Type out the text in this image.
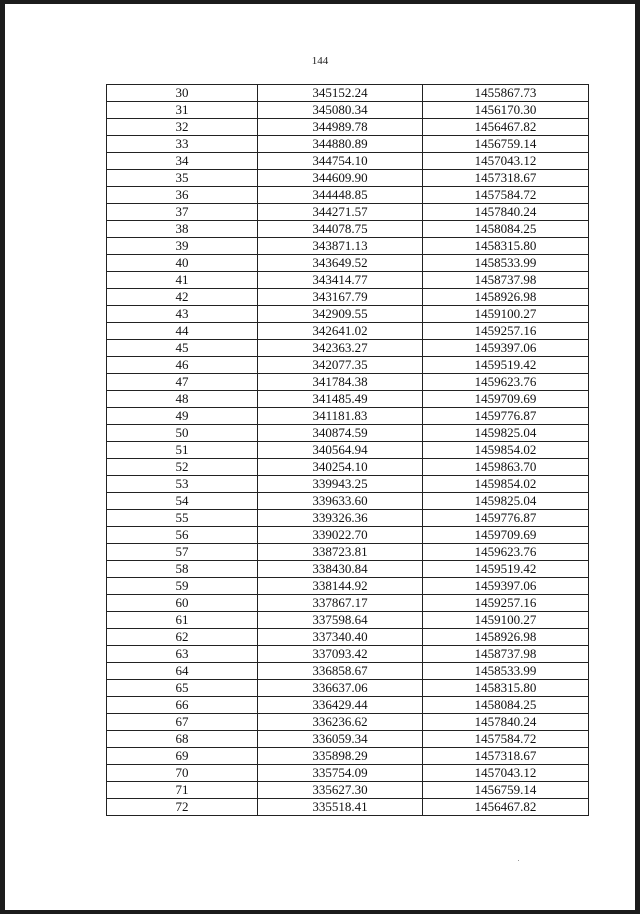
144
30	345152.24	1455867.73
31	345080.34	1456170.30
32	344989.78	1456467.82
33	344880.89	1456759.14
34	344754.10	1457043.12
35	344609.90	1457318.67
36	344448.85	1457584.72
37	344271.57	1457840.24
38	344078.75	1458084.25
39	343871.13	1458315.80
40	343649.52	1458533.99
41	343414.77	1458737.98
42	343167.79	1458926.98
43	342909.55	1459100.27
44	342641.02	1459257.16
45	342363.27	1459397.06
46	342077.35	1459519.42
47	341784.38	1459623.76
48	341485.49	1459709.69
49	341181.83	1459776.87
50	340874.59	1459825.04
51	340564.94	1459854.02
52	340254.10	1459863.70
53	339943.25	1459854.02
54	339633.60	1459825.04
55	339326.36	1459776.87
56	339022.70	1459709.69
57	338723.81	1459623.76
58	338430.84	1459519.42
59	338144.92	1459397.06
60	337867.17	1459257.16
61	337598.64	1459100.27
62	337340.40	1458926.98
63	337093.42	1458737.98
64	336858.67	1458533.99
65	336637.06	1458315.80
66	336429.44	1458084.25
67	336236.62	1457840.24
68	336059.34	1457584.72
69	335898.29	1457318.67
70	335754.09	1457043.12
71	335627.30	1456759.14
72	335518.41	1456467.82
